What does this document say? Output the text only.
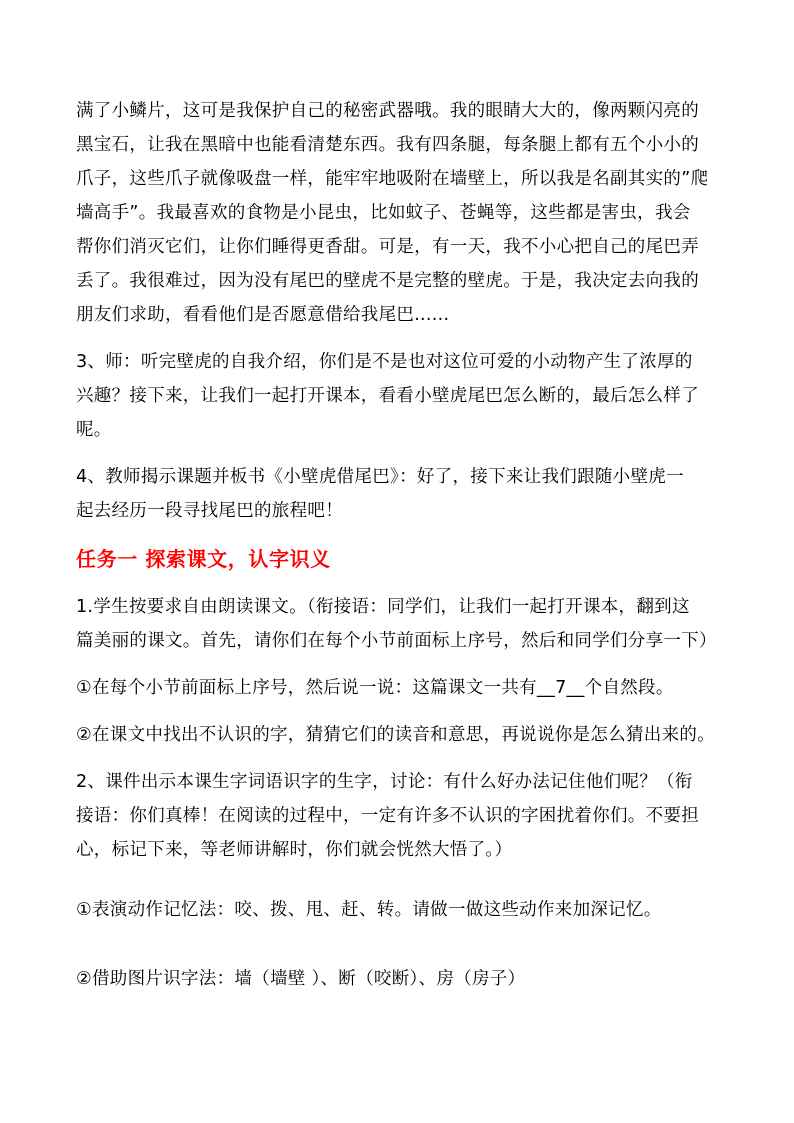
满了小鳞片，这可是我保护自己的秘密武器哦。我的眼睛大大的，像两颗闪亮的
黑宝石，让我在黑暗中也能看清楚东西。我有四条腿，每条腿上都有五个小小的
爪子，这些爪子就像吸盘一样，能牢牢地吸附在墙壁上，所以我是名副其实的”爬
墙高手”。我最喜欢的食物是小昆虫，比如蚊子、苍蝇等，这些都是害虫，我会
帮你们消灭它们，让你们睡得更香甜。可是，有一天，我不小心把自己的尾巴弄
丢了。我很难过，因为没有尾巴的壁虎不是完整的壁虎。于是，我决定去向我的
朋友们求助，看看他们是否愿意借给我尾巴......

3、师：听完壁虎的自我介绍，你们是不是也对这位可爱的小动物产生了浓厚的
兴趣？接下来，让我们一起打开课本，看看小壁虎尾巴怎么断的，最后怎么样了
呢。

4、教师揭示课题并板书《小壁虎借尾巴》：好了，接下来让我们跟随小壁虎一
起去经历一段寻找尾巴的旅程吧！

任务一 探索课文，认字识义

1.学生按要求自由朗读课文。（衔接语：同学们，让我们一起打开课本，翻到这
篇美丽的课文。首先，请你们在每个小节前面标上序号，然后和同学们分享一下）

①在每个小节前面标上序号，然后说一说：这篇课文一共有__7__个自然段。

②在课文中找出不认识的字，猜猜它们的读音和意思，再说说你是怎么猜出来的。

2、课件出示本课生字词语识字的生字，讨论：有什么好办法记住他们呢？（衔
接语：你们真棒！在阅读的过程中，一定有许多不认识的字困扰着你们。不要担
心，标记下来，等老师讲解时，你们就会恍然大悟了。）

①表演动作记忆法：咬、拨、甩、赶、转。请做一做这些动作来加深记忆。

②借助图片识字法：墙（墙壁 ）、断（咬断）、房（房子）
